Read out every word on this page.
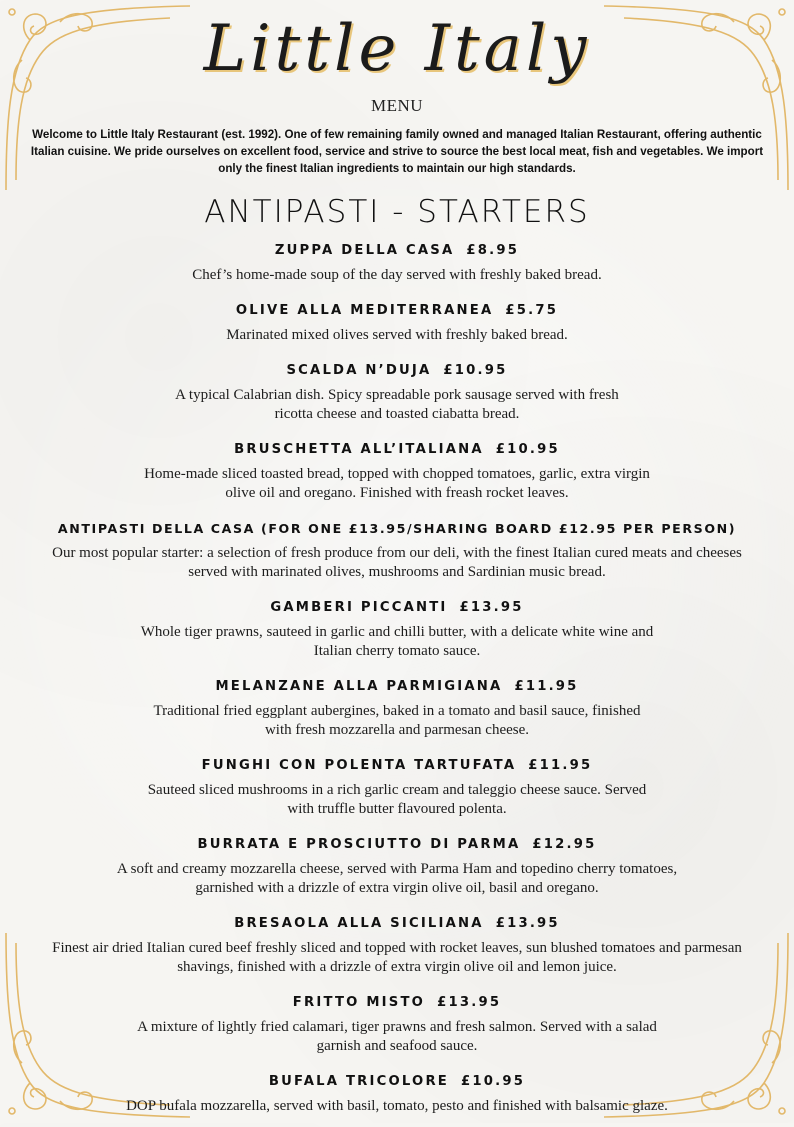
Little Italy
MENU
Welcome to Little Italy Restaurant (est. 1992). One of few remaining family owned and managed Italian Restaurant, offering authentic Italian cuisine. We pride ourselves on excellent food, service and strive to source the best local meat, fish and vegetables. We import only the finest Italian ingredients to maintain our high standards.
ANTIPASTI - STARTERS
ZUPPA DELLA CASA £8.95
Chef’s home-made soup of the day served with freshly baked bread.
OLIVE ALLA MEDITERRANEA £5.75
Marinated mixed olives served with freshly baked bread.
SCALDA N’DUJA £10.95
A typical Calabrian dish. Spicy spreadable pork sausage served with fresh ricotta cheese and toasted ciabatta bread.
BRUSCHETTA ALL’ITALIANA £10.95
Home-made sliced toasted bread, topped with chopped tomatoes, garlic, extra virgin olive oil and oregano. Finished with freash rocket leaves.
ANTIPASTI DELLA CASA (FOR ONE £13.95/SHARING BOARD £12.95 PER PERSON)
Our most popular starter: a selection of fresh produce from our deli, with the finest Italian cured meats and cheeses served with marinated olives, mushrooms and Sardinian music bread.
GAMBERI PICCANTI £13.95
Whole tiger prawns, sauteed in garlic and chilli butter, with a delicate white wine and Italian cherry tomato sauce.
MELANZANE ALLA PARMIGIANA £11.95
Traditional fried eggplant aubergines, baked in a tomato and basil sauce, finished with fresh mozzarella and parmesan cheese.
FUNGHI CON POLENTA TARTUFATA £11.95
Sauteed sliced mushrooms in a rich garlic cream and taleggio cheese sauce. Served with truffle butter flavoured polenta.
BURRATA E PROSCIUTTO DI PARMA £12.95
A soft and creamy mozzarella cheese, served with Parma Ham and topedino cherry tomatoes, garnished with a drizzle of extra virgin olive oil, basil and oregano.
BRESAOLA ALLA SICILIANA £13.95
Finest air dried Italian cured beef freshly sliced and topped with rocket leaves, sun blushed tomatoes and parmesan shavings, finished with a drizzle of extra virgin olive oil and lemon juice.
FRITTO MISTO £13.95
A mixture of lightly fried calamari, tiger prawns and fresh salmon. Served with a salad garnish and seafood sauce.
BUFALA TRICOLORE £10.95
DOP bufala mozzarella, served with basil, tomato, pesto and finished with balsamic glaze.
